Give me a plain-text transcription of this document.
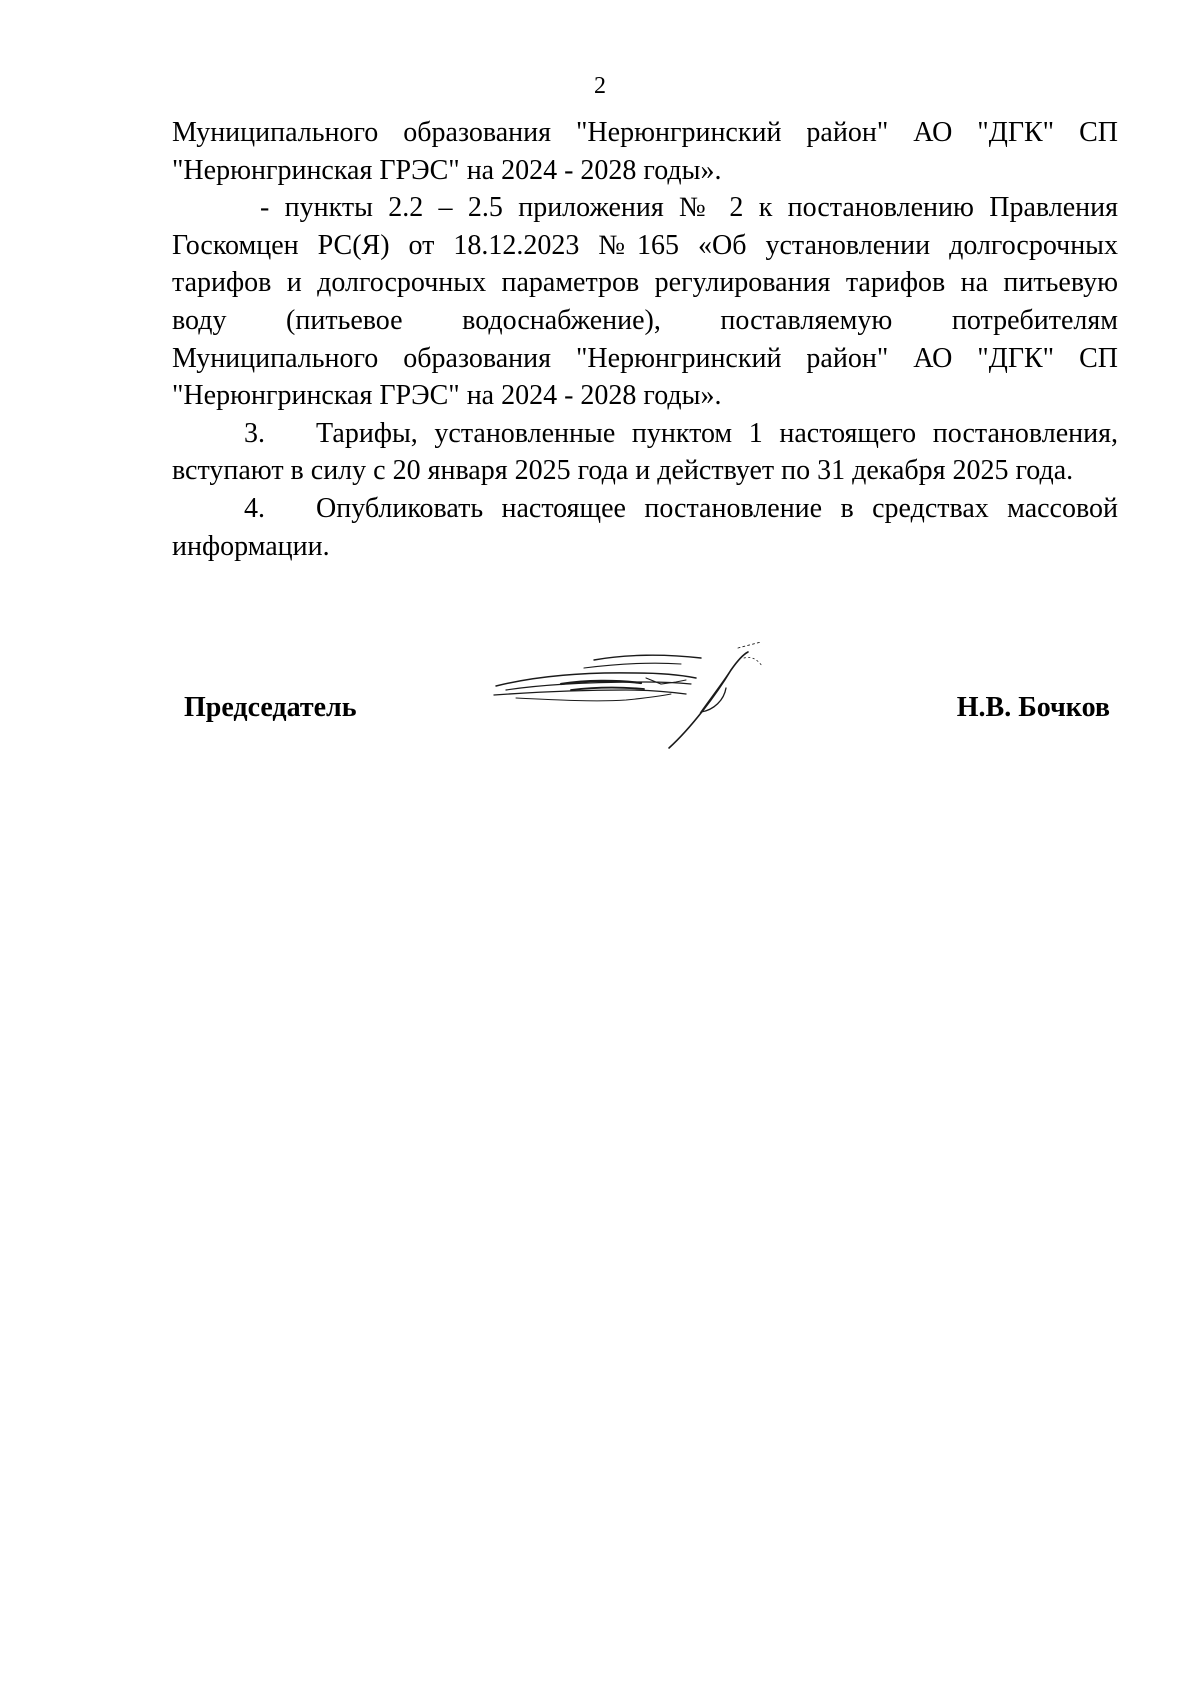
2

Муниципального образования "Нерюнгринский район" АО "ДГК" СП "Нерюнгринская ГРЭС" на 2024 - 2028 годы».

- пункты 2.2 – 2.5 приложения № 2 к постановлению Правления Госкомцен РС(Я) от 18.12.2023 №165 «Об установлении долгосрочных тарифов и долгосрочных параметров регулирования тарифов на питьевую воду (питьевое водоснабжение), поставляемую потребителям Муниципального образования "Нерюнгринский район" АО "ДГК" СП "Нерюнгринская ГРЭС" на 2024 - 2028 годы».

3. Тарифы, установленные пунктом 1 настоящего постановления, вступают в силу с 20 января 2025 года и действует по 31 декабря 2025 года.

4. Опубликовать настоящее постановление в средствах массовой информации.

Председатель	Н.В. Бочков
